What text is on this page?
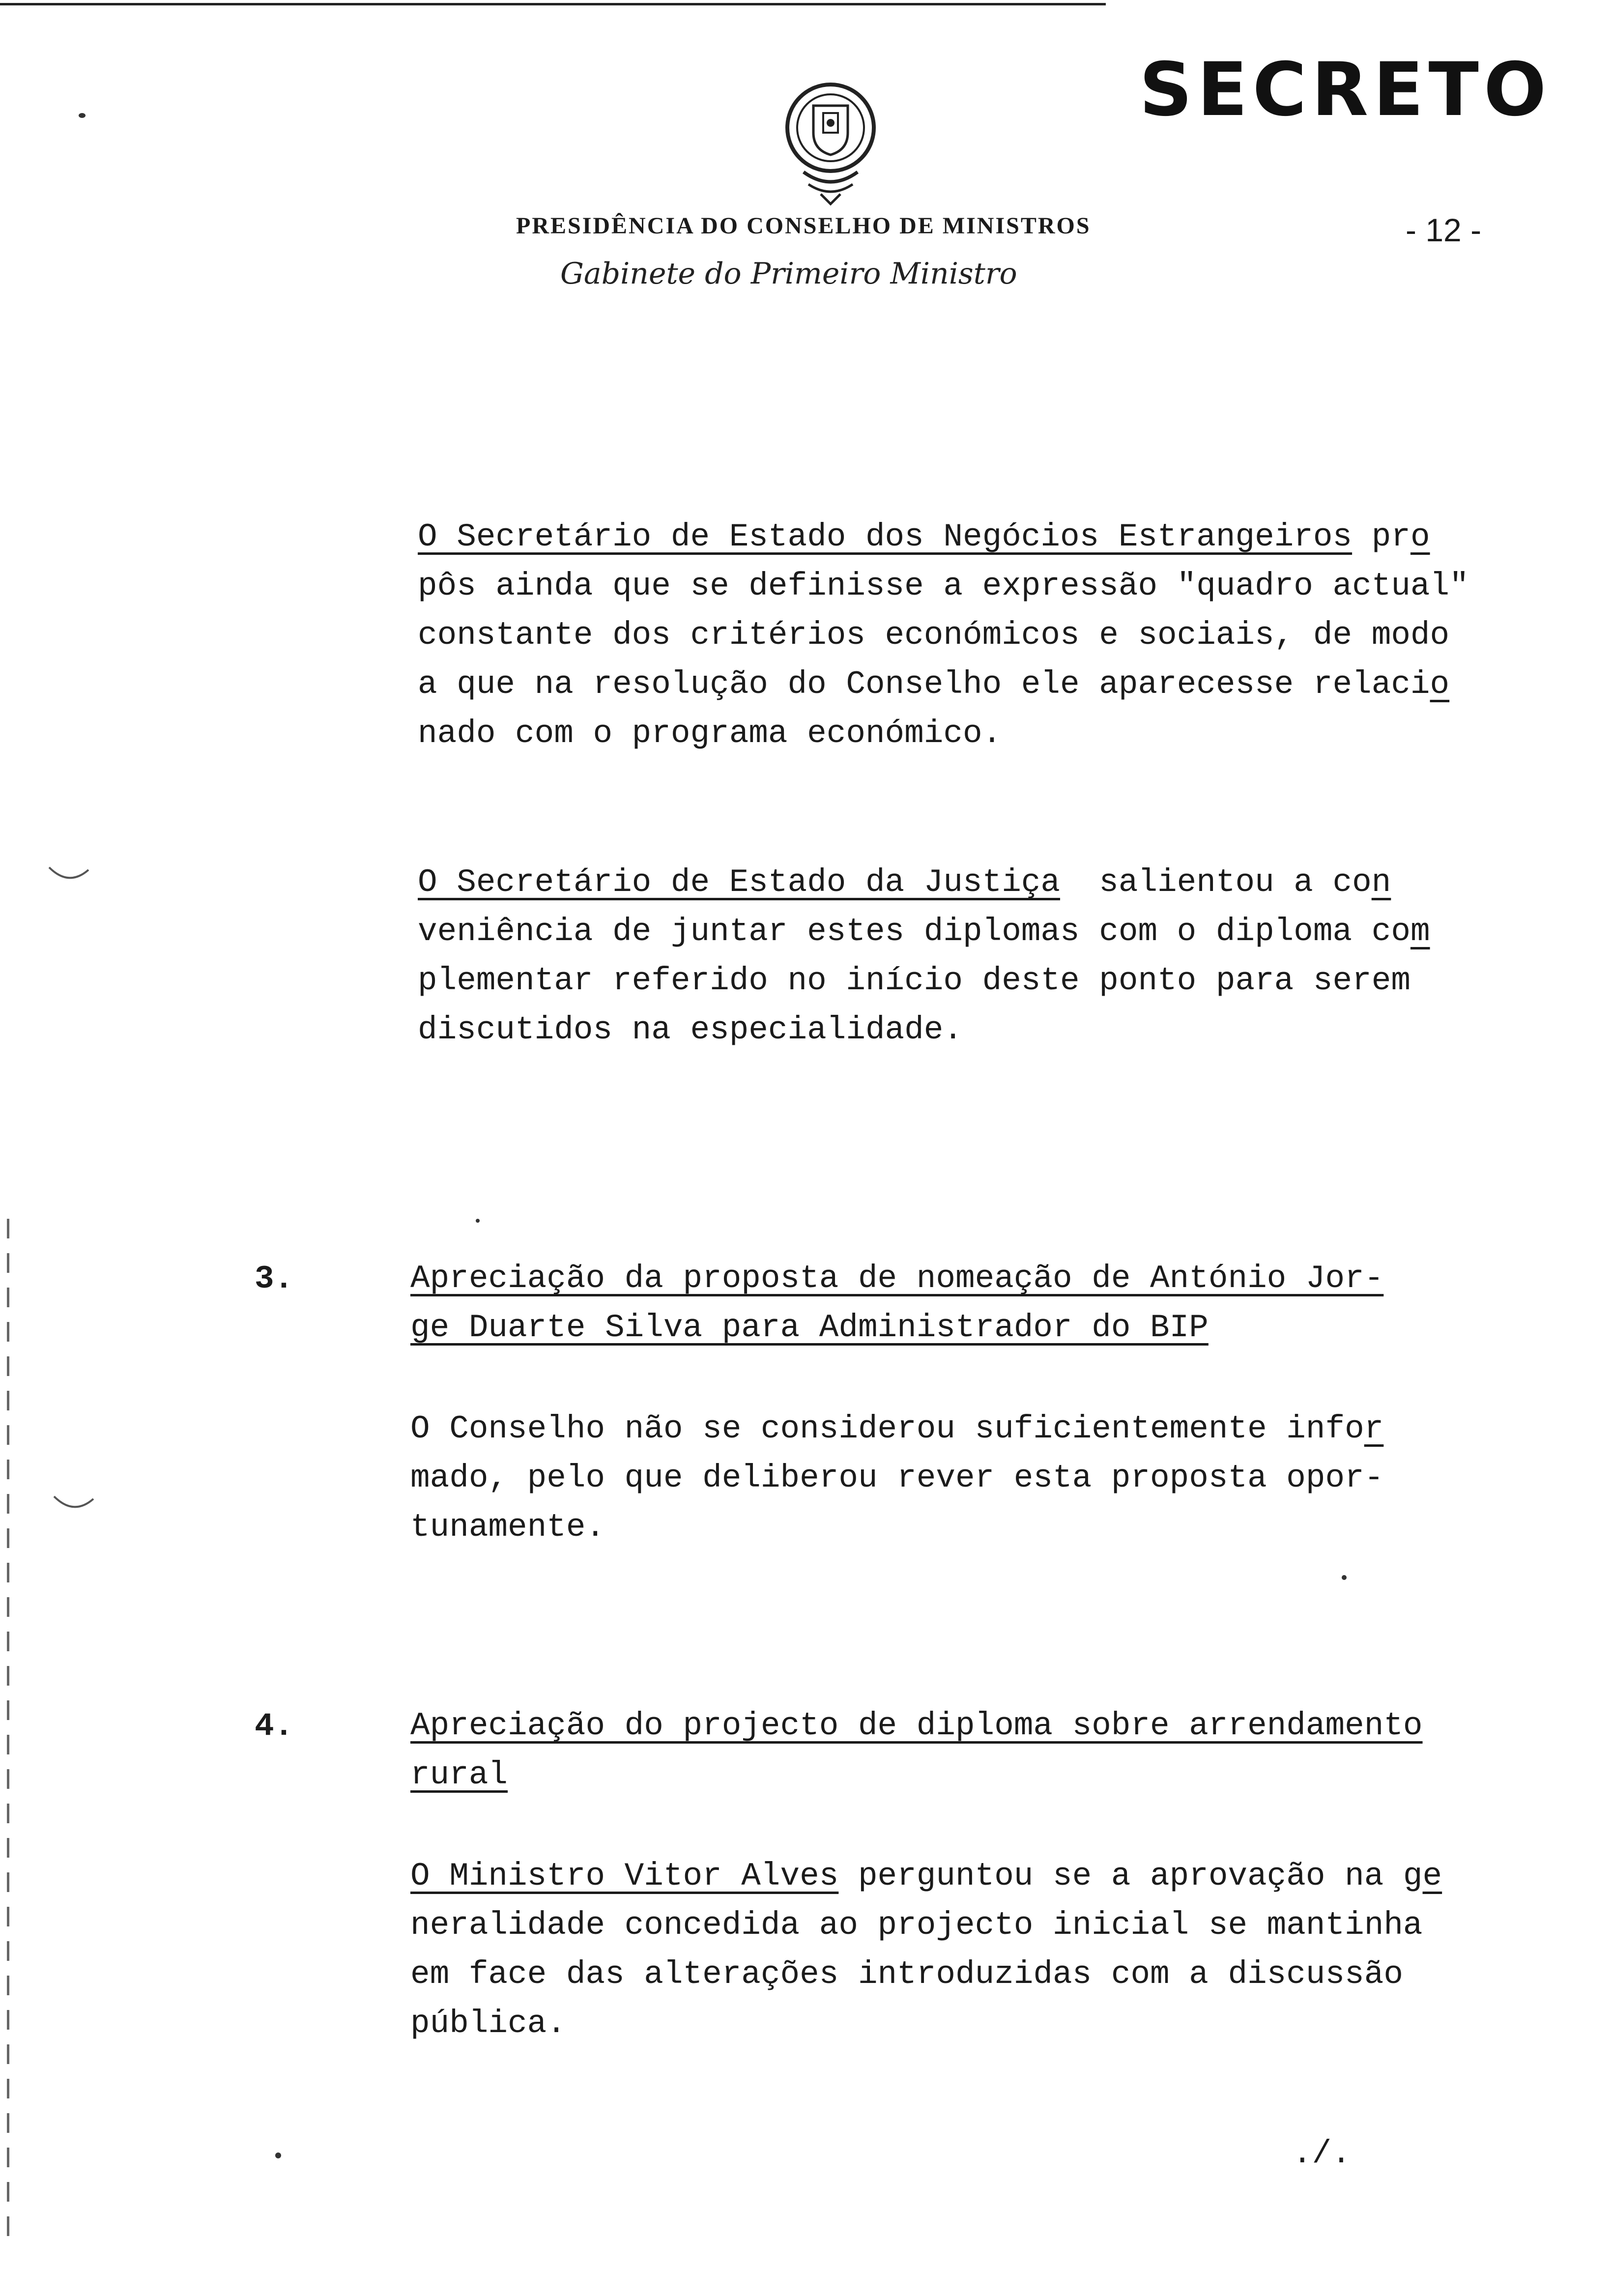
SECRETO
PRESIDÊNCIA DO CONSELHO DE MINISTROS	- 12 -
Gabinete do Primeiro Ministro
O Secretário de Estado dos Negócios Estrangeiros pro
pôs ainda que se definisse a expressão "quadro actual"
constante dos critérios económicos e sociais, de modo
a que na resolução do Conselho ele aparecesse relacio
nado com o programa económico.
O Secretário de Estado da Justiça  salientou a con
veniência de juntar estes diplomas com o diploma com
plementar referido no início deste ponto para serem
discutidos na especialidade.
3.	Apreciação da proposta de nomeação de António Jor-
ge Duarte Silva para Administrador do BIP
O Conselho não se considerou suficientemente infor
mado, pelo que deliberou rever esta proposta opor-
tunamente.
4.	Apreciação do projecto de diploma sobre arrendamento
rural
O Ministro Vitor Alves perguntou se a aprovação na ge
neralidade concedida ao projecto inicial se mantinha
em face das alterações introduzidas com a discussão
pública.
./.
